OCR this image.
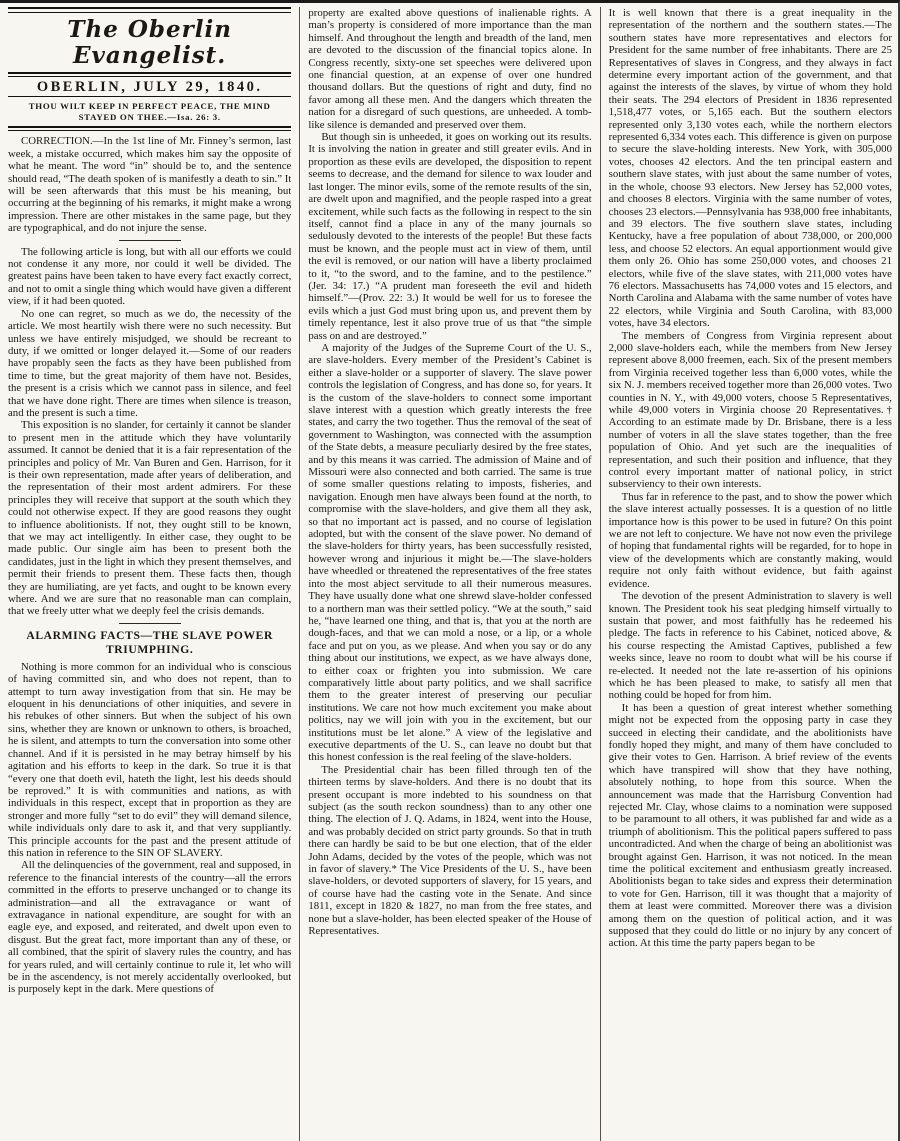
The Oberlin Evangelist.

OBERLIN, JULY 29, 1840.

THOU WILT KEEP IN PERFECT PEACE, THE MIND STAYED ON THEE.—Isa. 26: 3.

CORRECTION.—In the 1st line of Mr. Finney’s sermon, last week, a mistake occurred, which makes him say the opposite of what he meant. The word “in” should be to, and the sentence should read, “The death spoken of is manifestly a death to sin.” It will be seen afterwards that this must be his meaning, but occurring at the beginning of his remarks, it might make a wrong impression. There are other mistakes in the same page, but they are typographical, and do not injure the sense.

The following article is long, but with all our efforts we could not condense it any more, nor could it well be divided. The greatest pains have been taken to have every fact exactly correct, and not to omit a single thing which would have given a different view, if it had been quoted.

No one can regret, so much as we do, the necessity of the article. We most heartily wish there were no such necessity. But unless we have entirely misjudged, we should be recreant to duty, if we omitted or longer delayed it.—Some of our readers have propably seen the facts as they have been published from time to time, but the great majority of them have not. Besides, the present is a crisis which we cannot pass in silence, and feel that we have done right. There are times when silence is treason, and the present is such a time.

This exposition is no slander, for certainly it cannot be slander to present men in the attitude which they have voluntarily assumed. It cannot be denied that it is a fair representation of the principles and policy of Mr. Van Buren and Gen. Harrison, for it is their own representation, made after years of deliberation, and the representation of their most ardent admirers. For these principles they will receive that support at the south which they could not otherwise expect. If they are good reasons they ought to influence abolitionists. If not, they ought still to be known, that we may act intelligently. In either case, they ought to be made public. Our single aim has been to present both the candidates, just in the light in which they present themselves, and permit their friends to present them. These facts then, though they are humiliating, are yet facts, and ought to be known every where. And we are sure that no reasonable man can complain, that we freely utter what we deeply feel the crisis demands.

ALARMING FACTS—THE SLAVE POWER TRIUMPHING.

Nothing is more common for an individual who is conscious of having committed sin, and who does not repent, than to attempt to turn away investigation from that sin. He may be eloquent in his denunciations of other iniquities, and severe in his rebukes of other sinners. But when the subject of his own sins, whether they are known or unknown to others, is broached, he is silent, and attempts to turn the conversation into some other channel. And if it is persisted in he may betray himself by his agitation and his efforts to keep in the dark. So true it is that “every one that doeth evil, hateth the light, lest his deeds should be reproved.” It is with communities and nations, as with individuals in this respect, except that in proportion as they are stronger and more fully “set to do evil” they will demand silence, while individuals only dare to ask it, and that very suppliantly. This principle accounts for the past and the present attitude of this nation in reference to the SIN OF SLAVERY.

All the delinquencies of the government, real and supposed, in reference to the financial interests of the country—all the errors committed in the efforts to preserve unchanged or to change its administration—and all the extravagance or want of extravagance in national expenditure, are sought for with an eagle eye, and exposed, and reiterated, and dwelt upon even to disgust. But the great fact, more important than any of these, or all combined, that the spirit of slavery rules the country, and has for years ruled, and will certainly continue to rule it, let who will be in the ascendency, is not merely accidentally overlooked, but is purposely kept in the dark. Mere questions of

property are exalted above questions of inalienable rights. A man’s property is considered of more importance than the man himself. And throughout the length and breadth of the land, men are devoted to the discussion of the financial topics alone. In Congress recently, sixty-one set speeches were delivered upon one financial question, at an expense of over one hundred thousand dollars. But the questions of right and duty, find no favor among all these men. And the dangers which threaten the nation for a disregard of such questions, are unheeded. A tomb-like silence is demanded and preserved over them.

But though sin is unheeded, it goes on working out its results. It is involving the nation in greater and still greater evils. And in proportion as these evils are developed, the disposition to repent seems to decrease, and the demand for silence to wax louder and last longer. The minor evils, some of the remote results of the sin, are dwelt upon and magnified, and the people rasped into a great excitement, while such facts as the following in respect to the sin itself, cannot find a place in any of the many journals so sedulously devoted to the interests of the people! But these facts must be known, and the people must act in view of them, until the evil is removed, or our nation will have a liberty proclaimed to it, “to the sword, and to the famine, and to the pestilence.” (Jer. 34: 17.) “A prudent man foreseeth the evil and hideth himself.”—(Prov. 22: 3.) It would be well for us to foresee the evils which a just God must bring upon us, and prevent them by timely repentance, lest it also prove true of us that “the simple pass on and are destroyed.”

A majority of the Judges of the Supreme Court of the U. S., are slave-holders. Every member of the President’s Cabinet is either a slave-holder or a supporter of slavery. The slave power controls the legislation of Congress, and has done so, for years. It is the custom of the slave-holders to connect some important slave interest with a question which greatly interests the free states, and carry the two together. Thus the removal of the seat of government to Washington, was connected with the assumption of the State debts, a measure peculiarly desired by the free states, and by this means it was carried. The admission of Maine and of Missouri were also connected and both carried. The same is true of some smaller questions relating to imposts, fisheries, and navigation. Enough men have always been found at the north, to compromise with the slave-holders, and give them all they ask, so that no important act is passed, and no course of legislation adopted, but with the consent of the slave power. No demand of the slave-holders for thirty years, has been successfully resisted, however wrong and injurious it might be.—The slave-holders have wheedled or threatened the representatives of the free states into the most abject servitude to all their numerous measures. They have usually done what one shrewd slave-holder confessed to a northern man was their settled policy. “We at the south,” said he, “have learned one thing, and that is, that you at the north are dough-faces, and that we can mold a nose, or a lip, or a whole face and put on you, as we please. And when you say or do any thing about our institutions, we expect, as we have always done, to either coax or frighten you into submission. We care comparatively little about party politics, and we shall sacrifice them to the greater interest of preserving our peculiar institutions. We care not how much excitement you make about politics, nay we will join with you in the excitement, but our institutions must be let alone.” A view of the legislative and executive departments of the U. S., can leave no doubt but that this honest confession is the real feeling of the slave-holders.

The Presidential chair has been filled through ten of the thirteen terms by slave-holders. And there is no doubt that its present occupant is more indebted to his soundness on that subject (as the south reckon soundness) than to any other one thing. The election of J. Q. Adams, in 1824, went into the House, and was probably decided on strict party grounds. So that in truth there can hardly be said to be but one election, that of the elder John Adams, decided by the votes of the people, which was not in favor of slavery.* The Vice Presidents of the U. S., have been slave-holders, or devoted supporters of slavery, for 15 years, and of course have had the casting vote in the Senate. And since 1811, except in 1820 & 1827, no man from the free states, and none but a slave-holder, has been elected speaker of the House of Representatives.

It is well known that there is a great inequality in the representation of the northern and the southern states.—The southern states have more representatives and electors for President for the same number of free inhabitants. There are 25 Representatives of slaves in Congress, and they always in fact determine every important action of the government, and that against the interests of the slaves, by virtue of whom they hold their seats. The 294 electors of President in 1836 represented 1,518,477 votes, or 5,165 each. But the southern electors represented only 3,130 votes each, while the northern electors represented 6,334 votes each. This difference is given on purpose to secure the slave-holding interests. New York, with 305,000 votes, chooses 42 electors. And the ten principal eastern and southern slave states, with just about the same number of votes, in the whole, choose 93 electors. New Jersey has 52,000 votes, and chooses 8 electors. Virginia with the same number of votes, chooses 23 electors.—Pennsylvania has 938,000 free inhabitants, and 39 electors. The five southern slave states, including Kentucky, have a free population of about 738,000, or 200,000 less, and choose 52 electors. An equal apportionment would give them only 26. Ohio has some 250,000 votes, and chooses 21 electors, while five of the slave states, with 211,000 votes have 76 electors. Massachusetts has 74,000 votes and 15 electors, and North Carolina and Alabama with the same number of votes have 22 electors, while Virginia and South Carolina, with 83,000 votes, have 34 electors.

The members of Congress from Virginia represent about 2,000 slave-holders each, while the members from New Jersey represent above 8,000 freemen, each. Six of the present members from Virginia received together less than 6,000 votes, while the six N. J. members received together more than 26,000 votes. Two counties in N. Y., with 49,000 voters, choose 5 Representatives, while 49,000 voters in Virginia choose 20 Representatives.† According to an estimate made by Dr. Brisbane, there is a less number of voters in all the slave states together, than the free population of Ohio. And yet such are the inequalities of representation, and such their position and influence, that they control every important matter of national policy, in strict subserviency to their own interests.

Thus far in reference to the past, and to show the power which the slave interest actually possesses. It is a question of no little importance how is this power to be used in future? On this point we are not left to conjecture. We have not now even the privilege of hoping that fundamental rights will be regarded, for to hope in view of the developments which are constantly making, would require not only faith without evidence, but faith against evidence.

The devotion of the present Administration to slavery is well known. The President took his seat pledging himself virtually to sustain that power, and most faithfully has he redeemed his pledge. The facts in reference to his Cabinet, noticed above, & his course respecting the Amistad Captives, published a few weeks since, leave no room to doubt what will be his course if re-elected. It needed not the late re-assertion of his opinions which he has been pleased to make, to satisfy all men that nothing could be hoped for from him.

It has been a question of great interest whether something might not be expected from the opposing party in case they succeed in electing their candidate, and the abolitionists have fondly hoped they might, and many of them have concluded to give their votes to Gen. Harrison. A brief review of the events which have transpired will show that they have nothing, absolutely nothing, to hope from this source. When the announcement was made that the Harrisburg Convention had rejected Mr. Clay, whose claims to a nomination were supposed to be paramount to all others, it was published far and wide as a triumph of abolitionism. This the political papers suffered to pass uncontradicted. And when the charge of being an abolitionist was brought against Gen. Harrison, it was not noticed. In the mean time the political excitement and enthusiasm greatly increased. Abolitionists began to take sides and express their determination to vote for Gen. Harrison, till it was thought that a majority of them at least were committed. Moreover there was a division among them on the question of political action, and it was supposed that they could do little or no injury by any concert of action. At this time the party papers began to be
